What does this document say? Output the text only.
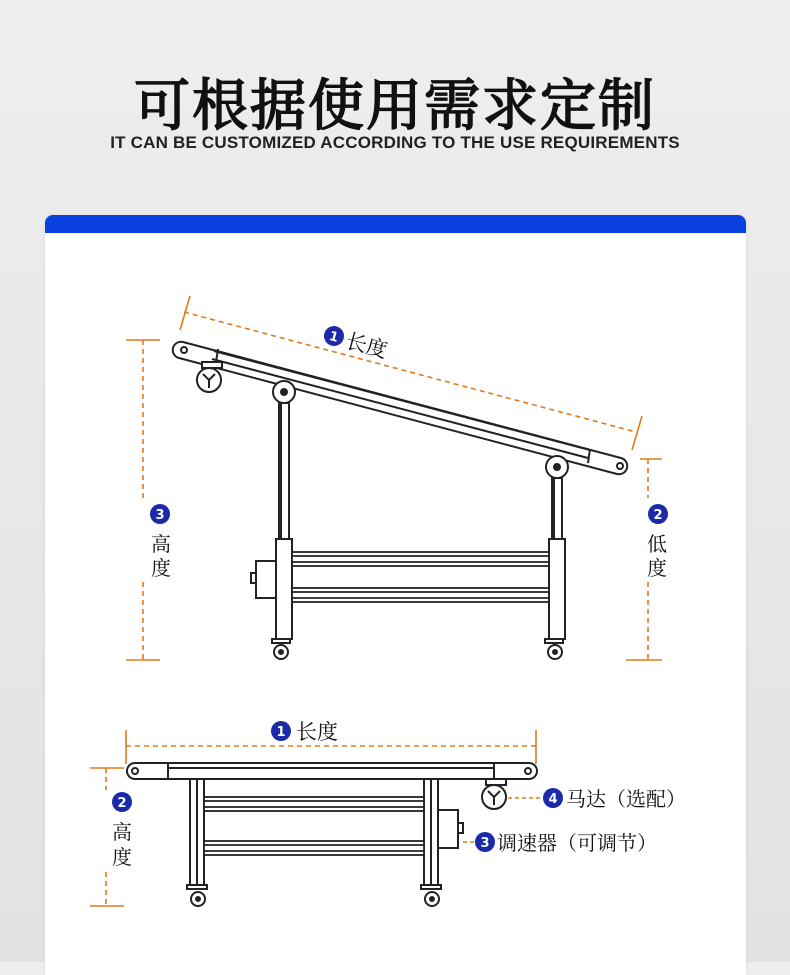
可根据使用需求定制
IT CAN BE CUSTOMIZED ACCORDING TO THE USE REQUIREMENTS
1 长度
3
高
度
2
低
度
1 长度
2
高
度
4 马达（选配）
3 调速器（可调节）
